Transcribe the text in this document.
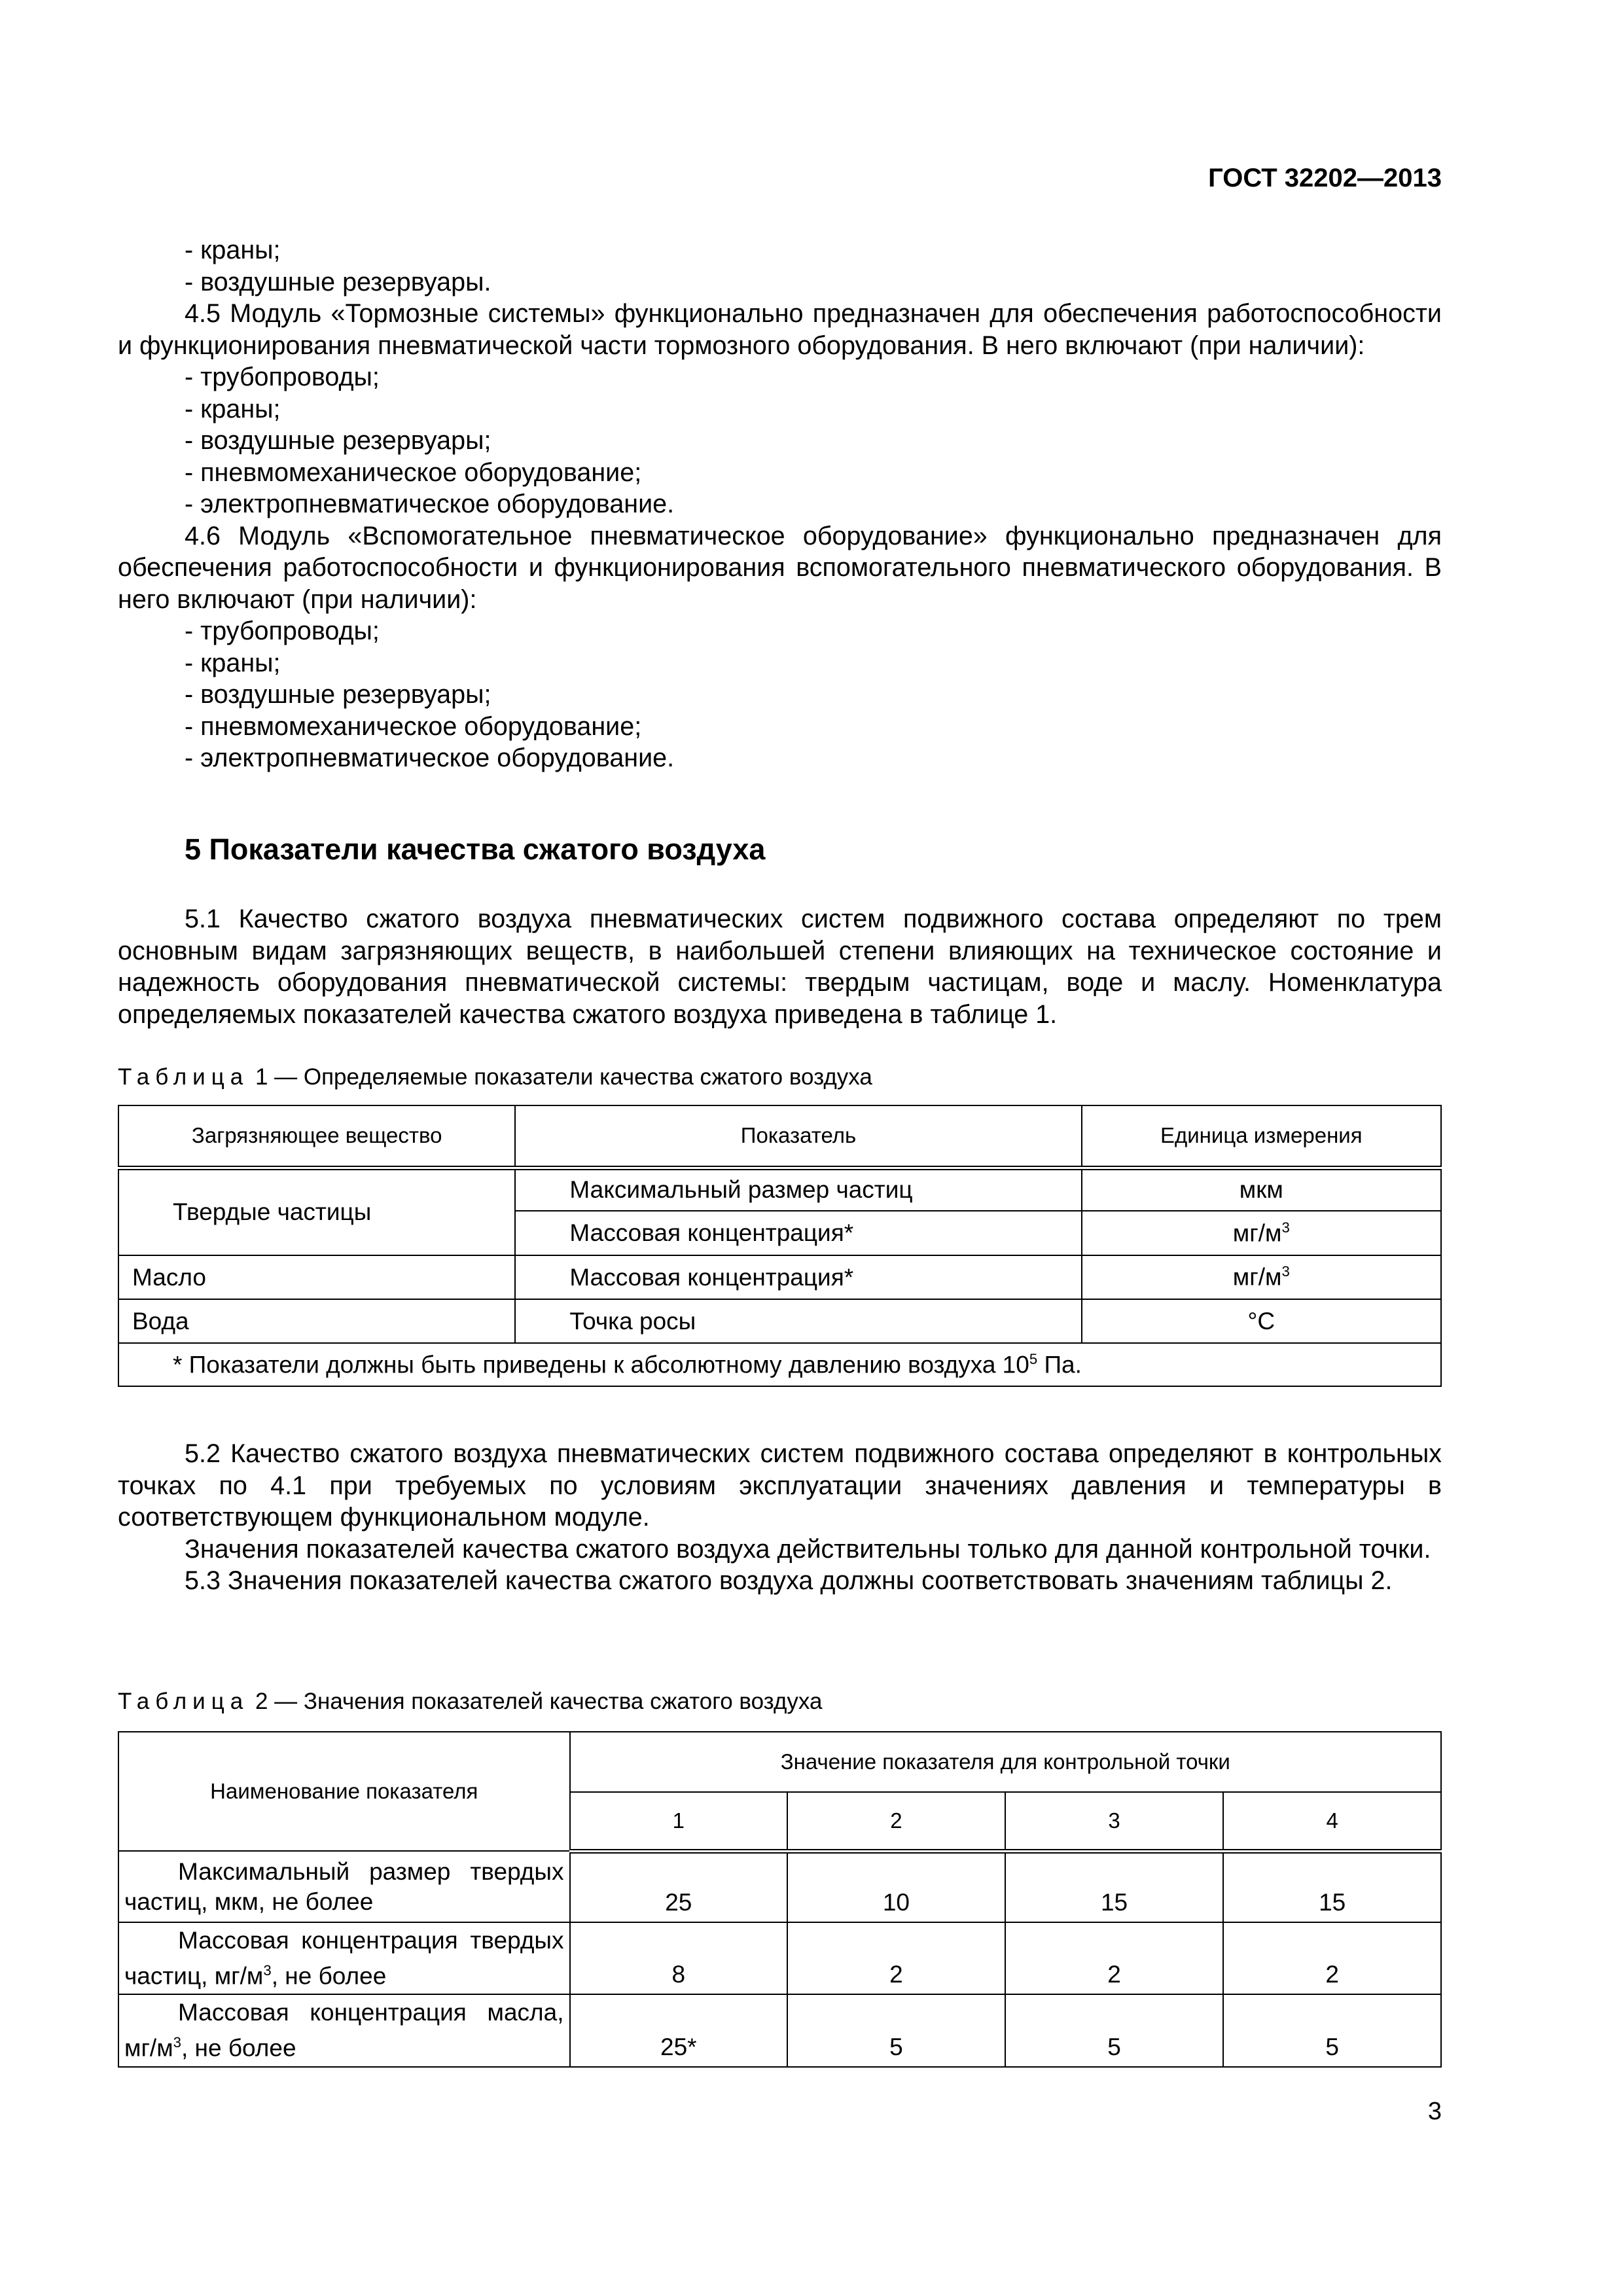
ГОСТ 32202—2013
- краны;
- воздушные резервуары.
4.5 Модуль «Тормозные системы» функционально предназначен для обеспечения работоспособности и функционирования пневматической части тормозного оборудования. В него включают (при наличии):
- трубопроводы;
- краны;
- воздушные резервуары;
- пневмомеханическое оборудование;
- электропневматическое оборудование.
4.6 Модуль «Вспомогательное пневматическое оборудование» функционально предназначен для обеспечения работоспособности и функционирования вспомогательного пневматического оборудования. В него включают (при наличии):
- трубопроводы;
- краны;
- воздушные резервуары;
- пневмомеханическое оборудование;
- электропневматическое оборудование.
5 Показатели качества сжатого воздуха
5.1 Качество сжатого воздуха пневматических систем подвижного состава определяют по трем основным видам загрязняющих веществ, в наибольшей степени влияющих на техническое состояние и надежность оборудования пневматической системы: твердым частицам, воде и маслу. Номенклатура определяемых показателей качества сжатого воздуха приведена в таблице 1.
Таблица 1 — Определяемые показатели качества сжатого воздуха
Загрязняющее вещество	Показатель	Единица измерения
Твердые частицы	Максимальный размер частиц	мкм
	Массовая концентрация*	$мг/м^3$
Масло	Массовая концентрация*	$мг/м^3$
Вода	Точка росы	°С
* Показатели должны быть приведены к абсолютному давлению воздуха $10^5$ Па.		
5.2 Качество сжатого воздуха пневматических систем подвижного состава определяют в контрольных точках по 4.1 при требуемых по условиям эксплуатации значениях давления и температуры в соответствующем функциональном модуле.
Значения показателей качества сжатого воздуха действительны только для данной контрольной точки.
5.3 Значения показателей качества сжатого воздуха должны соответствовать значениям таблицы 2.
Таблица 2 — Значения показателей качества сжатого воздуха
Наименование показателя	Значение показателя для контрольной точки			
	1	2	3	4
Максимальный размер твердых частиц, мкм, не более	25	10	15	15
Массовая концентрация твердых частиц, $мг/м^3$, не более	8	2	2	2
Массовая концентрация масла, $мг/м^3$, не более	25*	5	5	5
3
